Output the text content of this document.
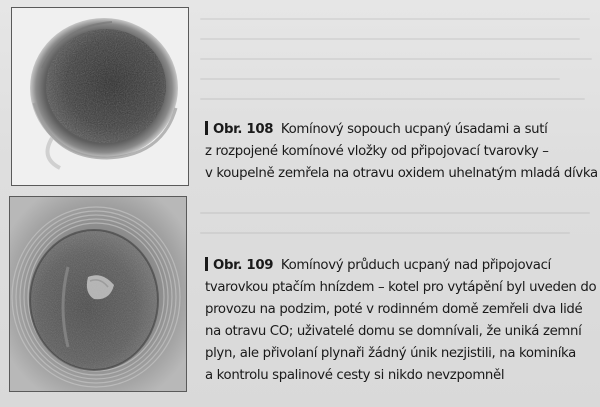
Obr. 108 Komínový sopouch ucpaný úsadami a sutí
z rozpojené komínové vložky od připojovací tvarovky –
v koupelně zemřela na otravu oxidem uhelnatým mladá dívka
Obr. 109 Komínový průduch ucpaný nad připojovací
tvarovkou ptačím hnízdem – kotel pro vytápění byl uveden do
provozu na podzim, poté v rodinném domě zemřeli dva lidé
na otravu CO; uživatelé domu se domnívali, že uniká zemní
plyn, ale přivolaní plynaři žádný únik nezjistili, na kominíka
a kontrolu spalinové cesty si nikdo nevzpomněl
